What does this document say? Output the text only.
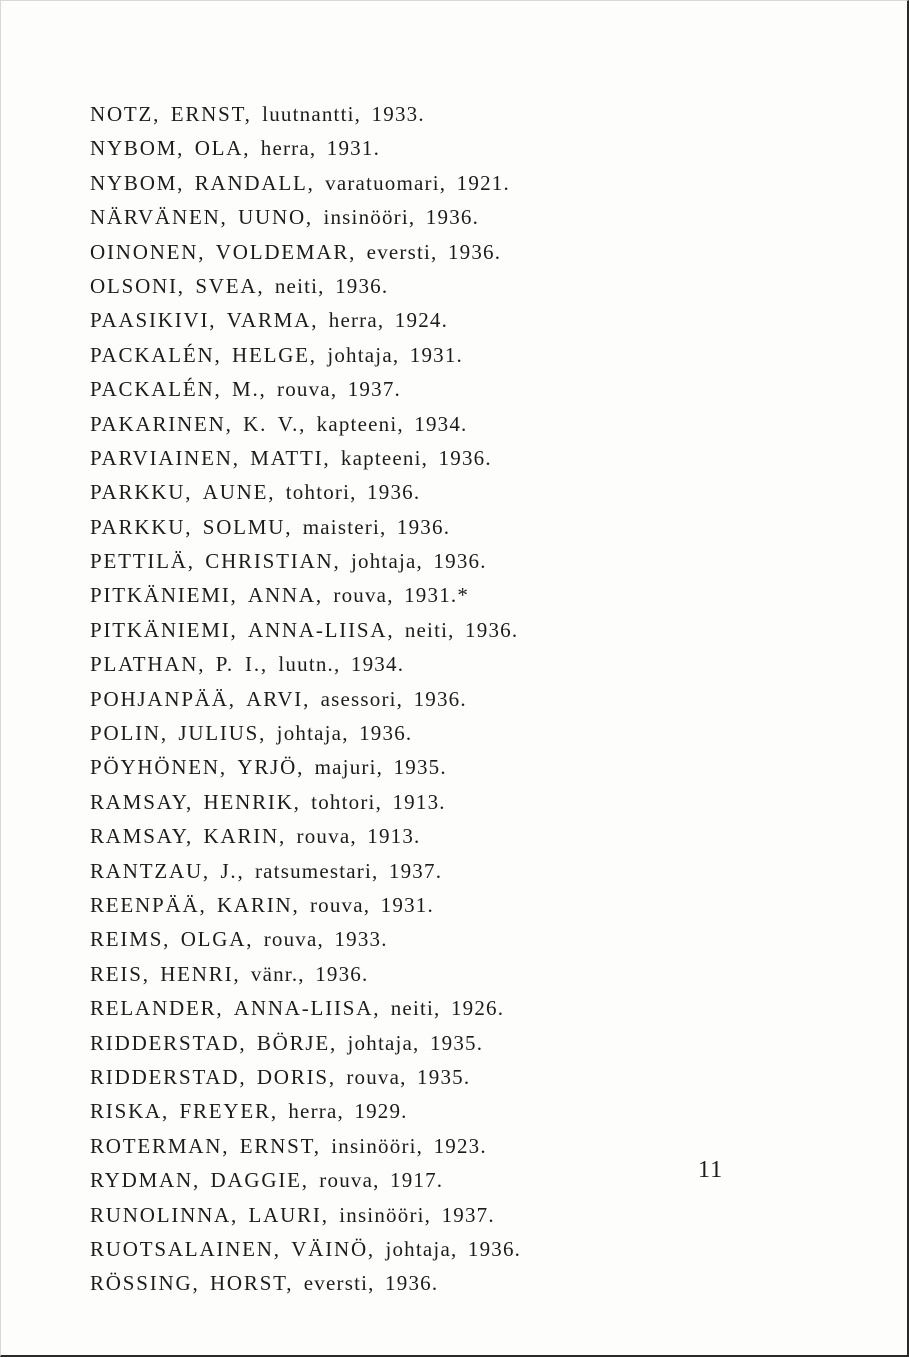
NOTZ, ERNST, luutnantti, 1933.
NYBOM, OLA, herra, 1931.
NYBOM, RANDALL, varatuomari, 1921.
NÄRVÄNEN, UUNO, insinööri, 1936.
OINONEN, VOLDEMAR, eversti, 1936.
OLSONI, SVEA, neiti, 1936.
PAASIKIVI, VARMA, herra, 1924.
PACKALÉN, HELGE, johtaja, 1931.
PACKALÉN, M., rouva, 1937.
PAKARINEN, K. V., kapteeni, 1934.
PARVIAINEN, MATTI, kapteeni, 1936.
PARKKU, AUNE, tohtori, 1936.
PARKKU, SOLMU, maisteri, 1936.
PETTILÄ, CHRISTIAN, johtaja, 1936.
PITKÄNIEMI, ANNA, rouva, 1931.*
PITKÄNIEMI, ANNA-LIISA, neiti, 1936.
PLATHAN, P. I., luutn., 1934.
POHJANPÄÄ, ARVI, asessori, 1936.
POLIN, JULIUS, johtaja, 1936.
PÖYHÖNEN, YRJÖ, majuri, 1935.
RAMSAY, HENRIK, tohtori, 1913.
RAMSAY, KARIN, rouva, 1913.
RANTZAU, J., ratsumestari, 1937.
REENPÄÄ, KARIN, rouva, 1931.
REIMS, OLGA, rouva, 1933.
REIS, HENRI, vänr., 1936.
RELANDER, ANNA-LIISA, neiti, 1926.
RIDDERSTAD, BÖRJE, johtaja, 1935.
RIDDERSTAD, DORIS, rouva, 1935.
RISKA, FREYER, herra, 1929.
ROTERMAN, ERNST, insinööri, 1923.
RYDMAN, DAGGIE, rouva, 1917.
RUNOLINNA, LAURI, insinööri, 1937.
RUOTSALAINEN, VÄINÖ, johtaja, 1936.
RÖSSING, HORST, eversti, 1936.
11
